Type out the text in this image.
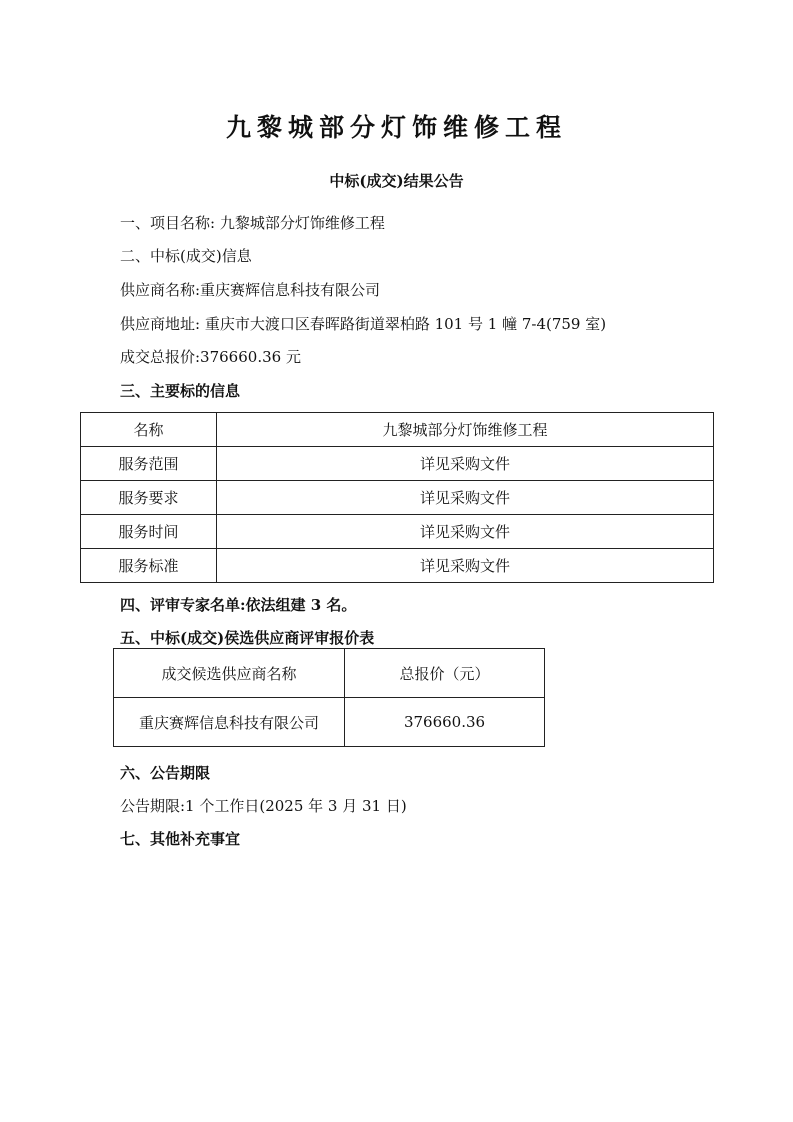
九黎城部分灯饰维修工程
中标(成交)结果公告
一、项目名称: 九黎城部分灯饰维修工程
二、中标(成交)信息
供应商名称:重庆赛辉信息科技有限公司
供应商地址: 重庆市大渡口区春晖路街道翠柏路 101 号 1 幢 7-4(759 室)
成交总报价:376660.36 元
三、主要标的信息
名称	九黎城部分灯饰维修工程
服务范围	详见采购文件
服务要求	详见采购文件
服务时间	详见采购文件
服务标准	详见采购文件
四、评审专家名单:依法组建 3 名。
五、中标(成交)侯选供应商评审报价表
成交候选供应商名称	总报价（元）
重庆赛辉信息科技有限公司	376660.36
六、公告期限
公告期限:1 个工作日(2025 年 3 月 31 日)
七、其他补充事宜
